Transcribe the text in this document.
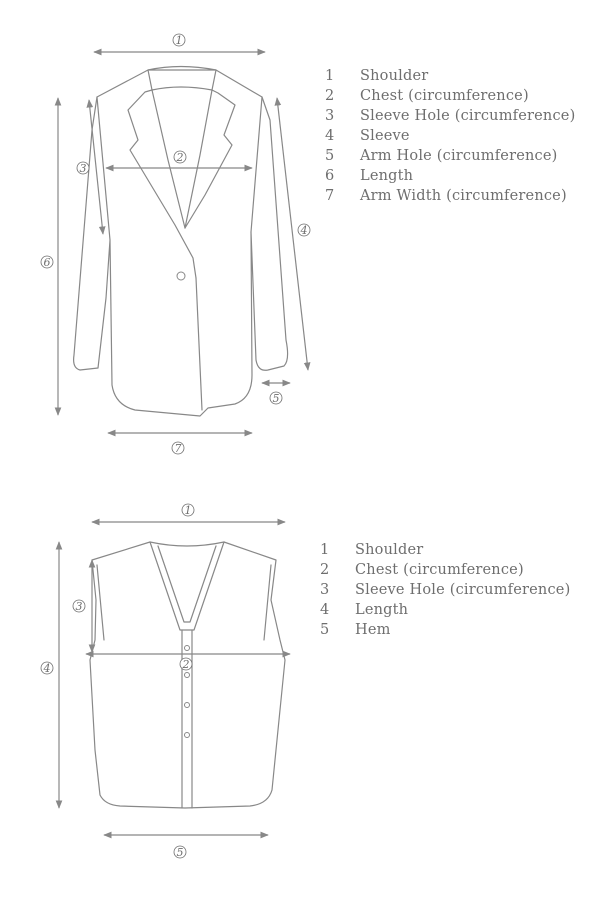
1
2
3
4
5
6
7
1 Shoulder
2 Chest (circumference)
3 Sleeve Hole (circumference)
4 Sleeve
5 Arm Hole (circumference)
6 Length
7 Arm Width (circumference)
1
2
3
4
5
1 Shoulder
2 Chest (circumference)
3 Sleeve Hole (circumference)
4 Length
5 Hem
